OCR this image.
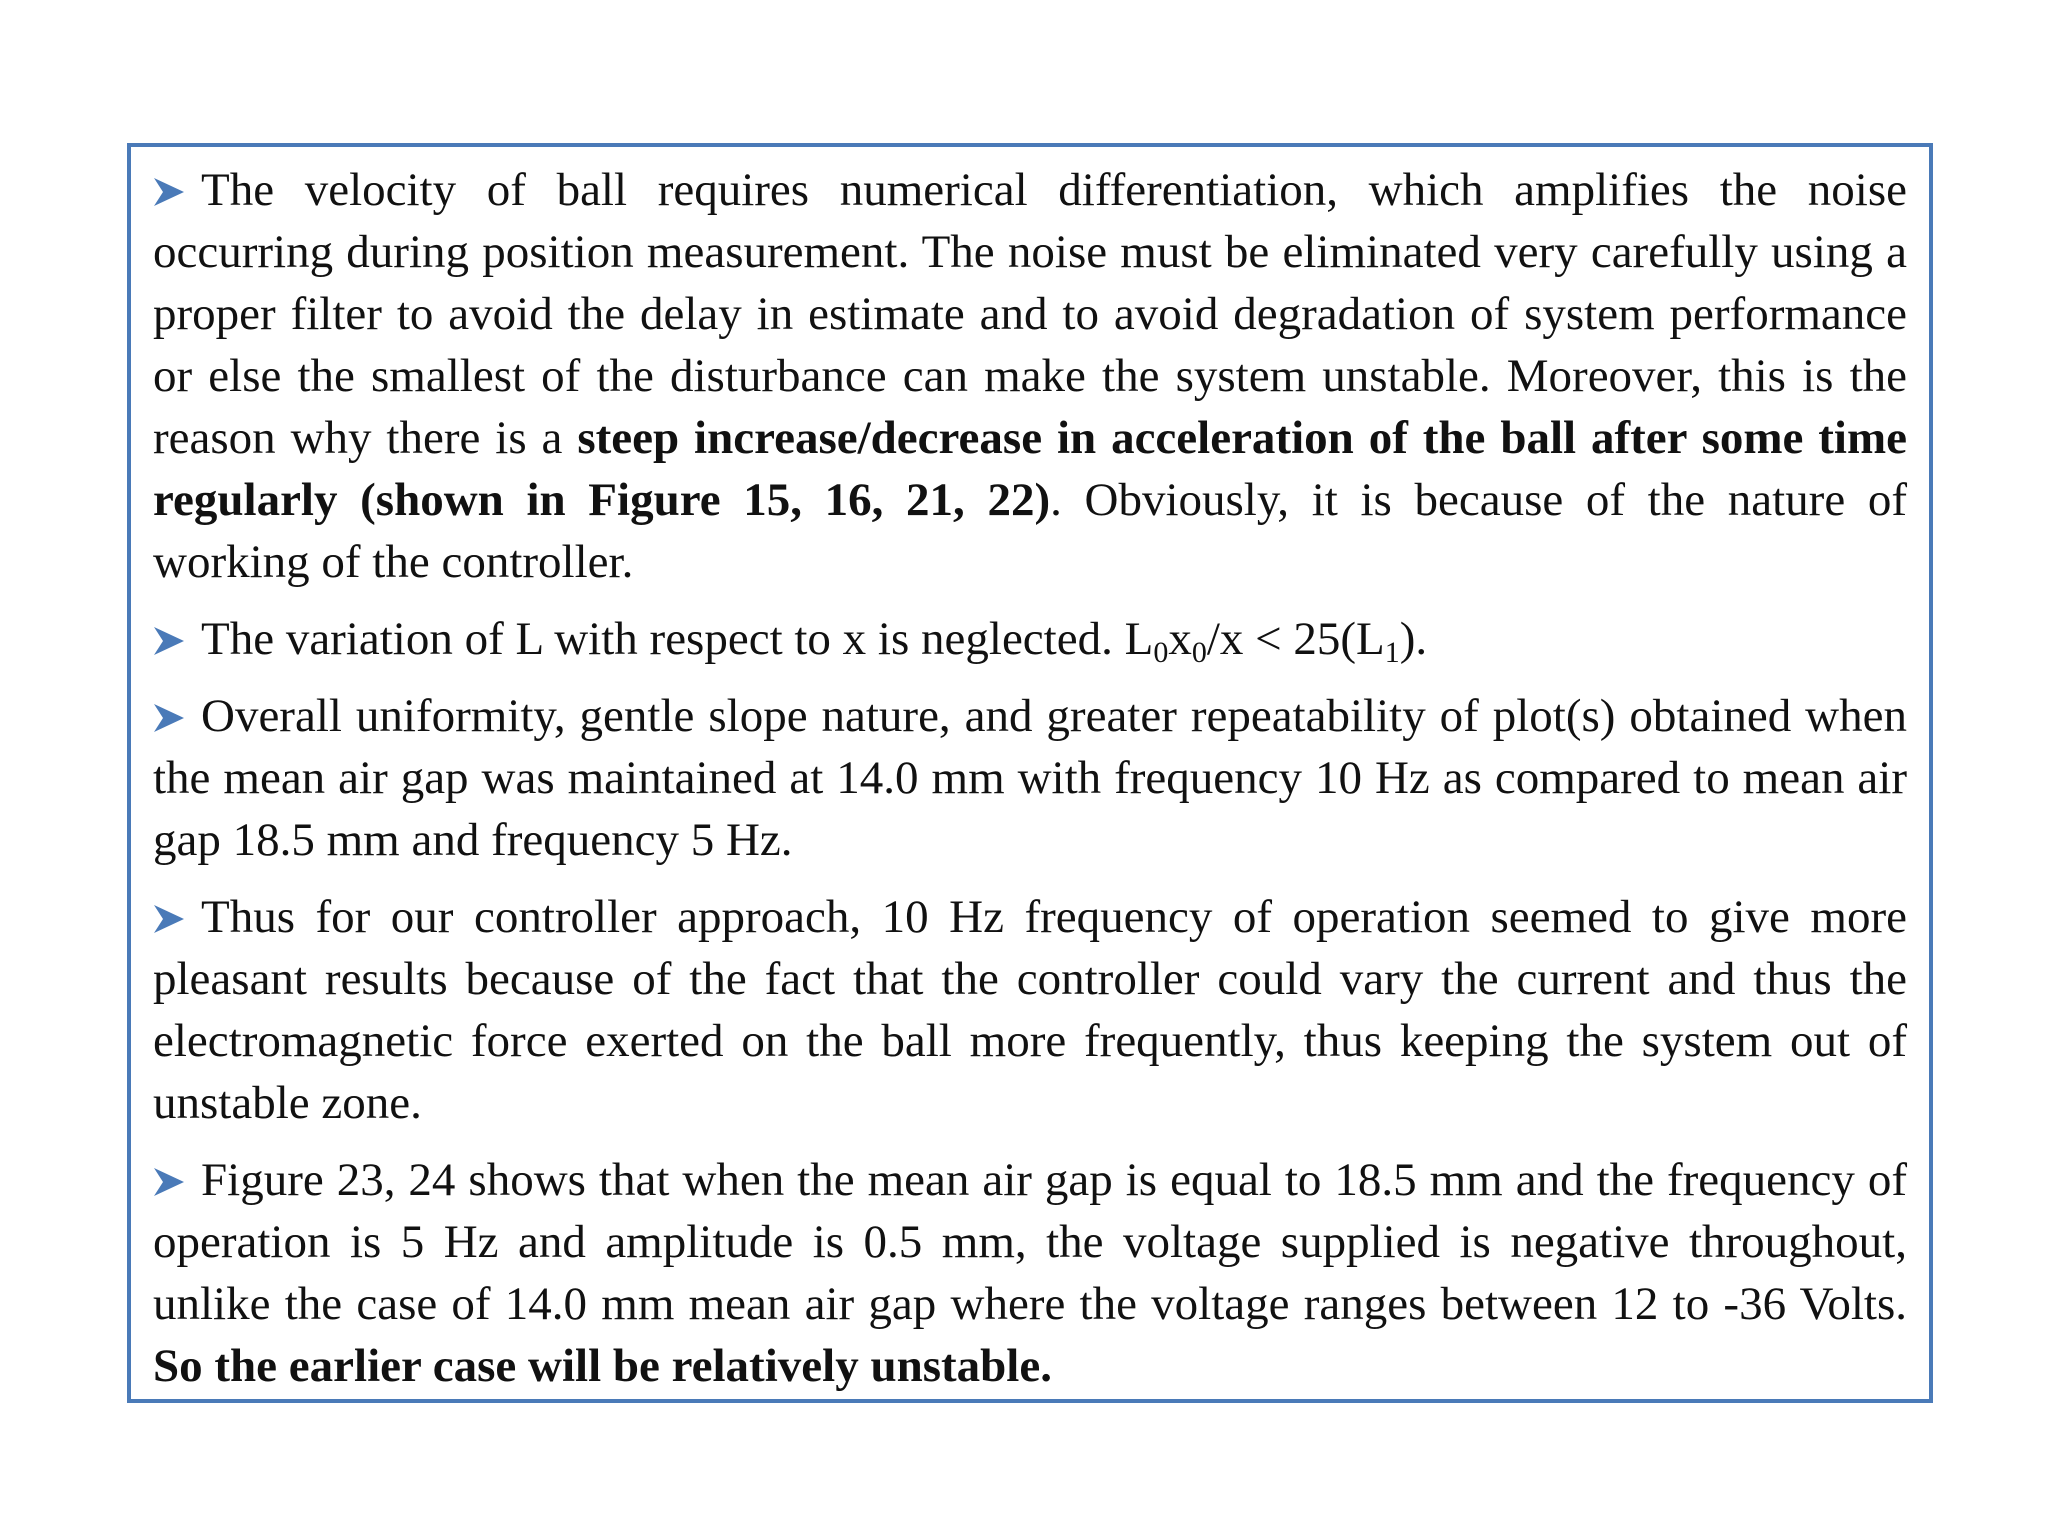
The velocity of ball requires numerical differentiation, which amplifies the noise occurring during position measurement. The noise must be eliminated very carefully using a proper filter to avoid the delay in estimate and to avoid degradation of system performance or else the smallest of the disturbance can make the system unstable. Moreover, this is the reason why there is a steep increase/decrease in acceleration of the ball after some time regularly (shown in Figure 15, 16, 21, 22). Obviously, it is because of the nature of working of the controller.

The variation of L with respect to x is neglected. $L_0x_0/x < 25(L_1)$.

Overall uniformity, gentle slope nature, and greater repeatability of plot(s) obtained when the mean air gap was maintained at 14.0 mm with frequency 10 Hz as compared to mean air gap 18.5 mm and frequency 5 Hz.

Thus for our controller approach, 10 Hz frequency of operation seemed to give more pleasant results because of the fact that the controller could vary the current and thus the electromagnetic force exerted on the ball more frequently, thus keeping the system out of unstable zone.

Figure 23, 24 shows that when the mean air gap is equal to 18.5 mm and the frequency of operation is 5 Hz and amplitude is 0.5 mm, the voltage supplied is negative throughout, unlike the case of 14.0 mm mean air gap where the voltage ranges between 12 to -36 Volts. So the earlier case will be relatively unstable.
